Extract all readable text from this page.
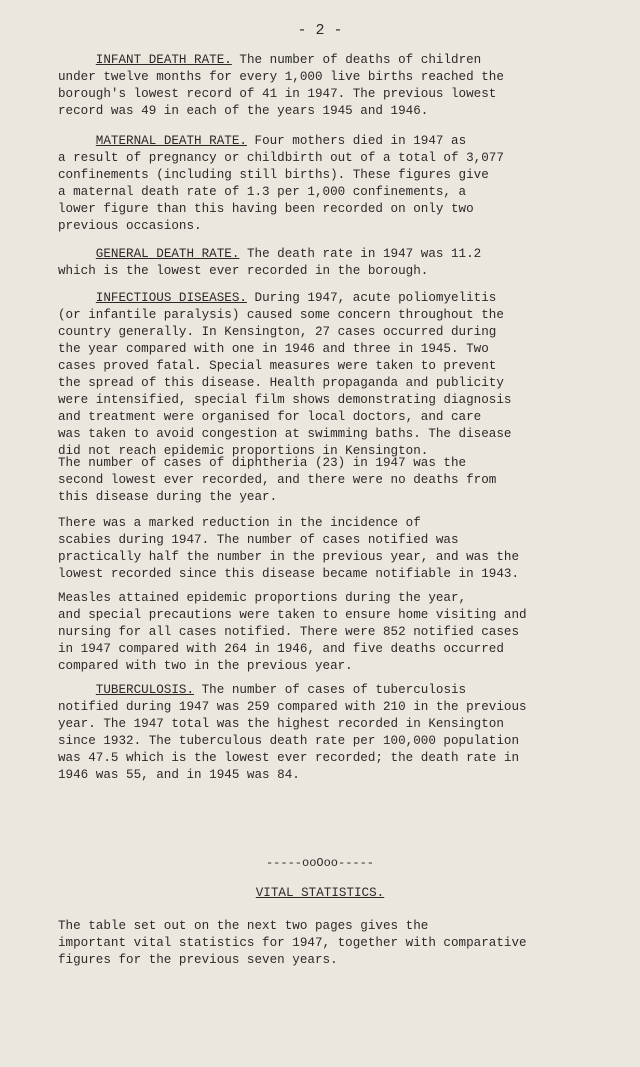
- 2 -

INFANT DEATH RATE. The number of deaths of children
under twelve months for every 1,000 live births reached the
borough's lowest record of 41 in 1947. The previous lowest
record was 49 in each of the years 1945 and 1946.

MATERNAL DEATH RATE. Four mothers died in 1947 as
a result of pregnancy or childbirth out of a total of 3,077
confinements (including still births). These figures give
a maternal death rate of 1.3 per 1,000 confinements, a
lower figure than this having been recorded on only two
previous occasions.

GENERAL DEATH RATE. The death rate in 1947 was 11.2
which is the lowest ever recorded in the borough.

INFECTIOUS DISEASES. During 1947, acute poliomyelitis
(or infantile paralysis) caused some concern throughout the
country generally. In Kensington, 27 cases occurred during
the year compared with one in 1946 and three in 1945. Two
cases proved fatal. Special measures were taken to prevent
the spread of this disease. Health propaganda and publicity
were intensified, special film shows demonstrating diagnosis
and treatment were organised for local doctors, and care
was taken to avoid congestion at swimming baths. The disease
did not reach epidemic proportions in Kensington.

The number of cases of diphtheria (23) in 1947 was the
second lowest ever recorded, and there were no deaths from
this disease during the year.

There was a marked reduction in the incidence of
scabies during 1947. The number of cases notified was
practically half the number in the previous year, and was the
lowest recorded since this disease became notifiable in 1943.

Measles attained epidemic proportions during the year,
and special precautions were taken to ensure home visiting and
nursing for all cases notified. There were 852 notified cases
in 1947 compared with 264 in 1946, and five deaths occurred
compared with two in the previous year.

TUBERCULOSIS. The number of cases of tuberculosis
notified during 1947 was 259 compared with 210 in the previous
year. The 1947 total was the highest recorded in Kensington
since 1932. The tuberculous death rate per 100,000 population
was 47.5 which is the lowest ever recorded; the death rate in
1946 was 55, and in 1945 was 84.

-----ooOoo-----
VITAL STATISTICS.

The table set out on the next two pages gives the
important vital statistics for 1947, together with comparative
figures for the previous seven years.
